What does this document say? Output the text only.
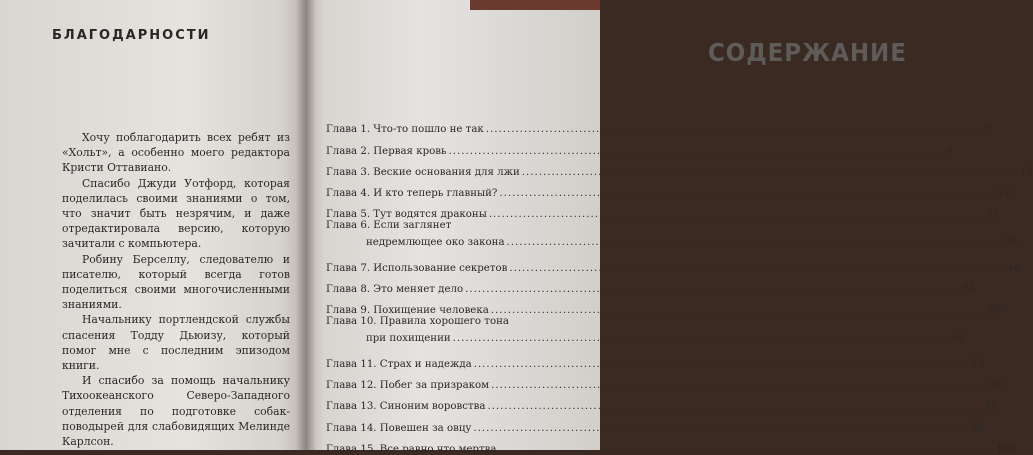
БЛАГОДАРНОСТИ

Хочу поблагодарить всех ребят из «Хольт», а особенно моего редактора Кристи Оттавиано.

Спасибо Джуди Уотфорд, которая поделилась своими знаниями о том, что значит быть незрячим, и даже отредактировала версию, которую зачитали с компьютера.

Робину Берселлу, следователю и писателю, который всегда готов поделиться своими многочисленными знаниями.

Начальнику портлендской службы спасения Тодду Дьюизу, который помог мне с последним эпизодом книги.

И спасибо за помощь начальнику Тихоокеанского Северо-Западного отделения по подготовке собак-поводырей для слабовидящих Мелинде Карлсон.

СОДЕРЖАНИЕ
Глава 1. Что-то пошло не так .....	5
Глава 2. Первая кровь .....	8
Глава 3. Веские основания для лжи .....	16
Глава 4. И кто теперь главный? .....	22
Глава 5. Тут водятся драконы .....	28
Глава 6. Если заглянет
недремлющее око закона .....	35
Глава 7. Использование секретов .....	44
Глава 8. Это меняет дело .....	51
Глава 9. Похищение человека .....	58
Глава 10. Правила хорошего тона
при похищении .....	66
Глава 11. Страх и надежда .....	72
Глава 12. Побег за призраком .....	79
Глава 13. Синоним воровства .....	86
Глава 14. Повешен за овцу .....	93
Глава 15. Все равно что мертва .....	105
